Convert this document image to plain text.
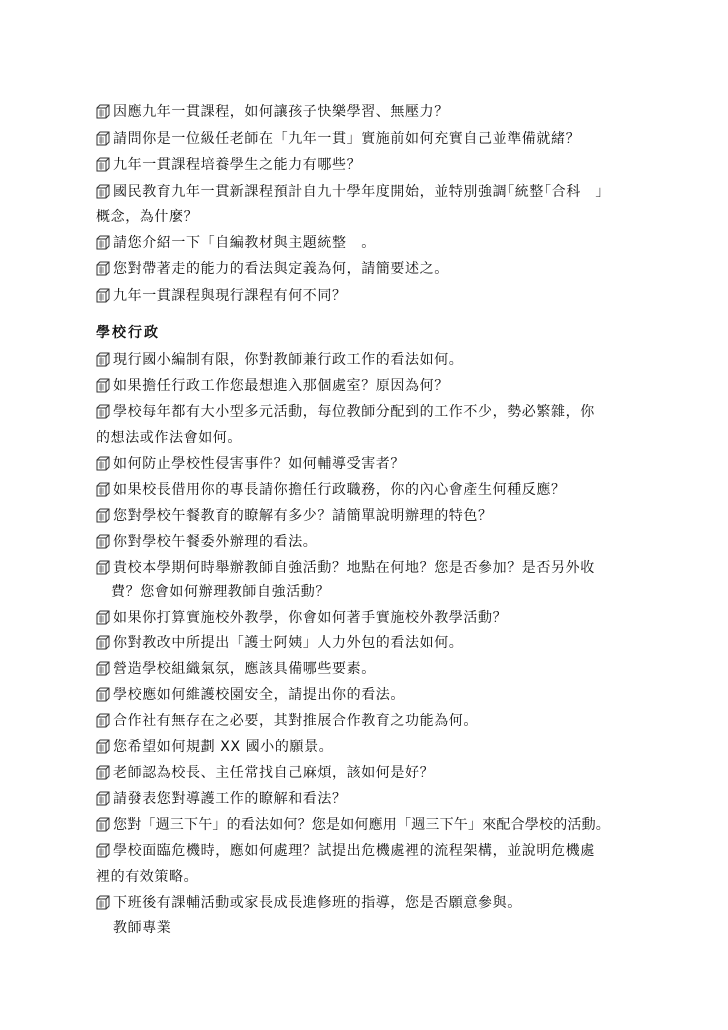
因應九年一貫課程，如何讓孩子快樂學習、無壓力？
請問你是一位級任老師在「九年一貫」實施前如何充實自己並準備就緒？
九年一貫課程培養學生之能力有哪些？
國民教育九年一貫新課程預計自九十學年度開始，並特別強調｢統整｢合科　」
概念，為什麼？
請您介紹一下「自編教材與主題統整　。
您對帶著走的能力的看法與定義為何，請簡要述之。
九年一貫課程與現行課程有何不同？
學校行政
現行國小編制有限，你對教師兼行政工作的看法如何。
如果擔任行政工作您最想進入那個處室？原因為何？
學校每年都有大小型多元活動，每位教師分配到的工作不少，勢必繁雜，你
的想法或作法會如何。
如何防止學校性侵害事件？如何輔導受害者？
如果校長借用你的專長請你擔任行政職務，你的內心會產生何種反應？
您對學校午餐教育的瞭解有多少？請簡單說明辦理的特色？
你對學校午餐委外辦理的看法。
貴校本學期何時舉辦教師自強活動？地點在何地？您是否參加？是否另外收
費？您會如何辦理教師自強活動？
如果你打算實施校外教學，你會如何著手實施校外教學活動？
你對教改中所提出「護士阿姨」人力外包的看法如何。
營造學校組織氣氛，應該具備哪些要素。
學校應如何維護校園安全，請提出你的看法。
合作社有無存在之必要，其對推展合作教育之功能為何。
您希望如何規劃 XX 國小的願景。
老師認為校長、主任常找自己麻煩，該如何是好？
請發表您對導護工作的瞭解和看法？
您對「週三下午」的看法如何？您是如何應用「週三下午」來配合學校的活動。
學校面臨危機時，應如何處理？試提出危機處裡的流程架構，並說明危機處
裡的有效策略。
下班後有課輔活動或家長成長進修班的指導，您是否願意參與。
教師專業
